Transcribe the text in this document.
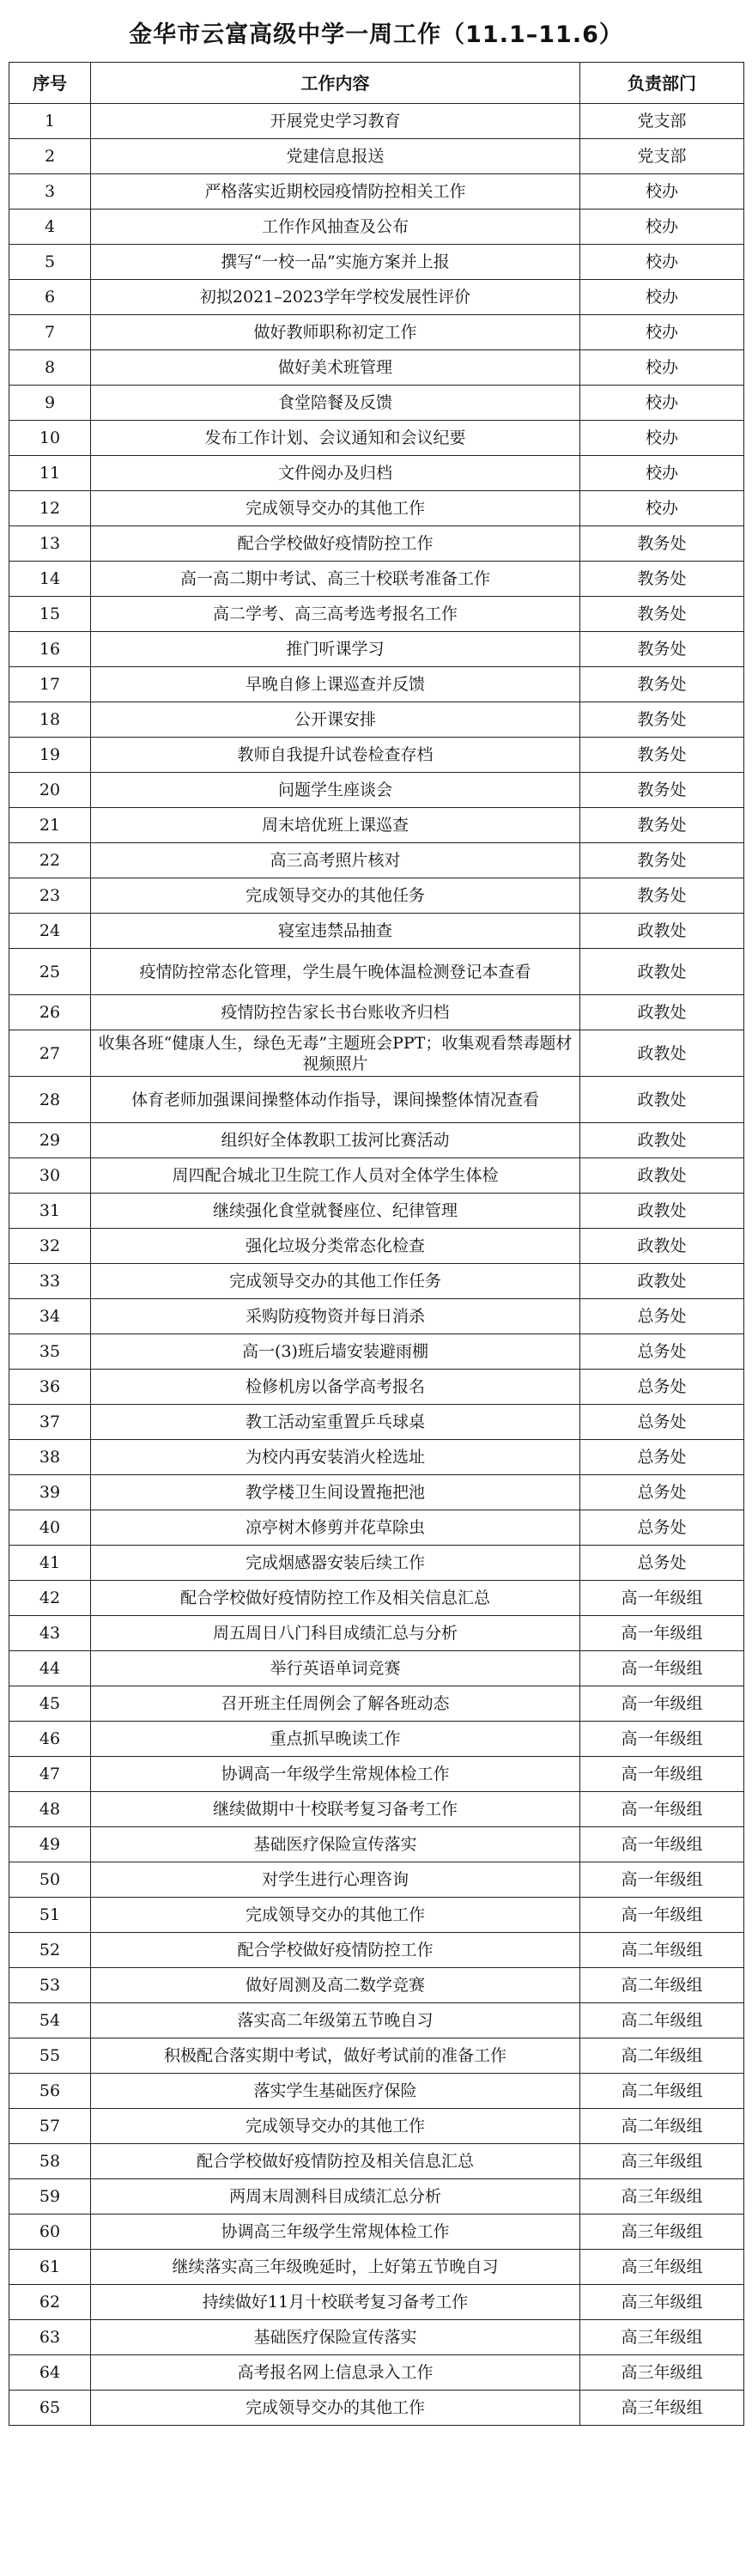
金华市云富高级中学一周工作（11.1–11.6）
序号	工作内容	负责部门
1	开展党史学习教育	党支部
2	党建信息报送	党支部
3	严格落实近期校园疫情防控相关工作	校办
4	工作作风抽查及公布	校办
5	撰写“一校一品”实施方案并上报	校办
6	初拟2021–2023学年学校发展性评价	校办
7	做好教师职称初定工作	校办
8	做好美术班管理	校办
9	食堂陪餐及反馈	校办
10	发布工作计划、会议通知和会议纪要	校办
11	文件阅办及归档	校办
12	完成领导交办的其他工作	校办
13	配合学校做好疫情防控工作	教务处
14	高一高二期中考试、高三十校联考准备工作	教务处
15	高二学考、高三高考选考报名工作	教务处
16	推门听课学习	教务处
17	早晚自修上课巡查并反馈	教务处
18	公开课安排	教务处
19	教师自我提升试卷检查存档	教务处
20	问题学生座谈会	教务处
21	周末培优班上课巡查	教务处
22	高三高考照片核对	教务处
23	完成领导交办的其他任务	教务处
24	寝室违禁品抽查	政教处
25	疫情防控常态化管理，学生晨午晚体温检测登记本查看	政教处
26	疫情防控告家长书台账收齐归档	政教处
27	收集各班“健康人生，绿色无毒”主题班会PPT；收集观看禁毒题材视频照片	政教处
28	体育老师加强课间操整体动作指导，课间操整体情况查看	政教处
29	组织好全体教职工拔河比赛活动	政教处
30	周四配合城北卫生院工作人员对全体学生体检	政教处
31	继续强化食堂就餐座位、纪律管理	政教处
32	强化垃圾分类常态化检查	政教处
33	完成领导交办的其他工作任务	政教处
34	采购防疫物资并每日消杀	总务处
35	高一(3)班后墙安装避雨棚	总务处
36	检修机房以备学高考报名	总务处
37	教工活动室重置乒乓球桌	总务处
38	为校内再安装消火栓选址	总务处
39	教学楼卫生间设置拖把池	总务处
40	凉亭树木修剪并花草除虫	总务处
41	完成烟感器安装后续工作	总务处
42	配合学校做好疫情防控工作及相关信息汇总	高一年级组
43	周五周日八门科目成绩汇总与分析	高一年级组
44	举行英语单词竞赛	高一年级组
45	召开班主任周例会了解各班动态	高一年级组
46	重点抓早晚读工作	高一年级组
47	协调高一年级学生常规体检工作	高一年级组
48	继续做期中十校联考复习备考工作	高一年级组
49	基础医疗保险宣传落实	高一年级组
50	对学生进行心理咨询	高一年级组
51	完成领导交办的其他工作	高一年级组
52	配合学校做好疫情防控工作	高二年级组
53	做好周测及高二数学竞赛	高二年级组
54	落实高二年级第五节晚自习	高二年级组
55	积极配合落实期中考试，做好考试前的准备工作	高二年级组
56	落实学生基础医疗保险	高二年级组
57	完成领导交办的其他工作	高二年级组
58	配合学校做好疫情防控及相关信息汇总	高三年级组
59	两周末周测科目成绩汇总分析	高三年级组
60	协调高三年级学生常规体检工作	高三年级组
61	继续落实高三年级晚延时，上好第五节晚自习	高三年级组
62	持续做好11月十校联考复习备考工作	高三年级组
63	基础医疗保险宣传落实	高三年级组
64	高考报名网上信息录入工作	高三年级组
65	完成领导交办的其他工作	高三年级组
